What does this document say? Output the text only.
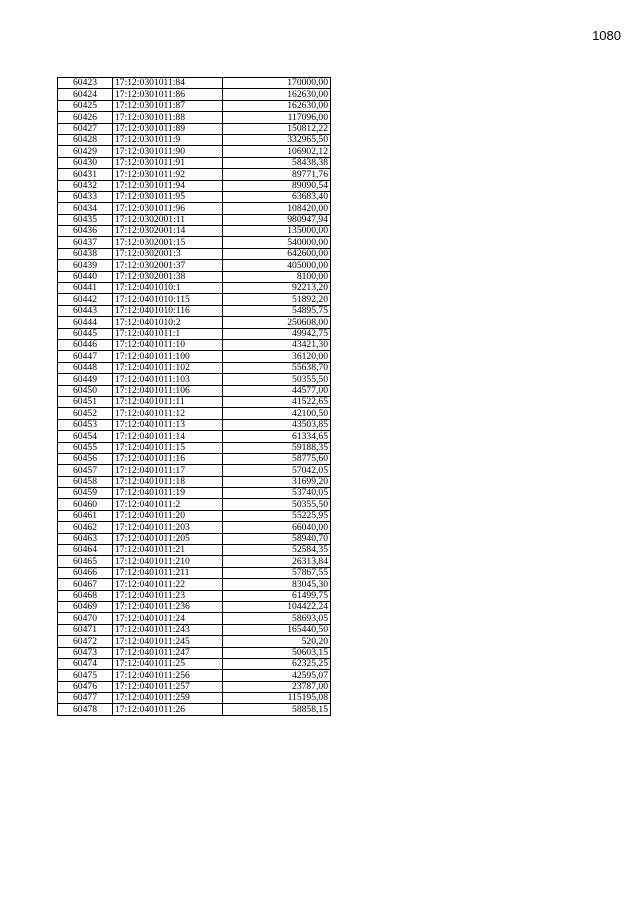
1080
60423	17:12:0301011:84	170000,00
60424	17:12:0301011:86	162630,00
60425	17:12:0301011:87	162630,00
60426	17:12:0301011:88	117096,00
60427	17:12:0301011:89	150812,22
60428	17:12:0301011:9	332965,50
60429	17:12:0301011:90	106902,12
60430	17:12:0301011:91	58438,38
60431	17:12:0301011:92	89771,76
60432	17:12:0301011:94	89090,54
60433	17:12:0301011:95	63683,40
60434	17:12:0301011:96	108420,00
60435	17:12:0302001:11	980947,94
60436	17:12:0302001:14	135000,00
60437	17:12:0302001:15	540000,00
60438	17:12:0302001:3	642600,00
60439	17:12:0302001:37	405000,00
60440	17:12:0302001:38	8100,00
60441	17:12:0401010:1	92213,20
60442	17:12:0401010:115	51892,20
60443	17:12:0401010:116	54895,75
60444	17:12:0401010:2	250608,00
60445	17:12:0401011:1	49942,75
60446	17:12:0401011:10	43421,30
60447	17:12:0401011:100	36120,00
60448	17:12:0401011:102	55638,70
60449	17:12:0401011:103	50355,50
60450	17:12:0401011:106	44577,00
60451	17:12:0401011:11	41522,65
60452	17:12:0401011:12	42100,50
60453	17:12:0401011:13	43503,85
60454	17:12:0401011:14	61334,65
60455	17:12:0401011:15	59188,35
60456	17:12:0401011:16	58775,60
60457	17:12:0401011:17	57042,05
60458	17:12:0401011:18	31699,20
60459	17:12:0401011:19	53740,05
60460	17:12:0401011:2	50355,50
60461	17:12:0401011:20	55225,95
60462	17:12:0401011:203	66040,00
60463	17:12:0401011:205	58940,70
60464	17:12:0401011:21	52584,35
60465	17:12:0401011:210	26313,84
60466	17:12:0401011:211	57867,55
60467	17:12:0401011:22	83045,30
60468	17:12:0401011:23	61499,75
60469	17:12:0401011:236	104422,24
60470	17:12:0401011:24	58693,05
60471	17:12:0401011:243	165440,50
60472	17:12:0401011:245	520,20
60473	17:12:0401011:247	50603,15
60474	17:12:0401011:25	62325,25
60475	17:12:0401011:256	42595,07
60476	17:12:0401011:257	23787,00
60477	17:12:0401011:259	115195,08
60478	17:12:0401011:26	58858,15
